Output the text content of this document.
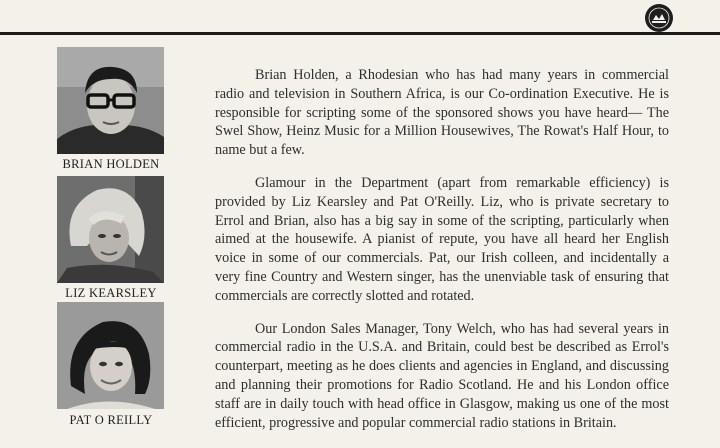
BRIAN HOLDEN
LIZ KEARSLEY
PAT O REILLY

Brian Holden, a Rhodesian who has had many years in commercial radio and television in Southern Africa, is our Co-ordination Executive. He is responsible for scripting some of the sponsored shows you have heard— The Swel Show, Heinz Music for a Million Housewives, The Rowat's Half Hour, to name but a few.

Glamour in the Department (apart from remarkable efficiency) is provided by Liz Kearsley and Pat O'Reilly. Liz, who is private secretary to Errol and Brian, also has a big say in some of the scripting, particularly when aimed at the housewife. A pianist of repute, you have all heard her English voice in some of our commercials. Pat, our Irish colleen, and incidentally a very fine Country and Western singer, has the unenviable task of ensuring that commercials are correctly slotted and rotated.

Our London Sales Manager, Tony Welch, who has had several years in commercial radio in the U.S.A. and Britain, could best be described as Errol's counterpart, meeting as he does clients and agencies in England, and discussing and planning their promotions for Radio Scotland. He and his London office staff are in daily touch with head office in Glasgow, making us one of the most efficient, progressive and popular commercial radio stations in Britain.
